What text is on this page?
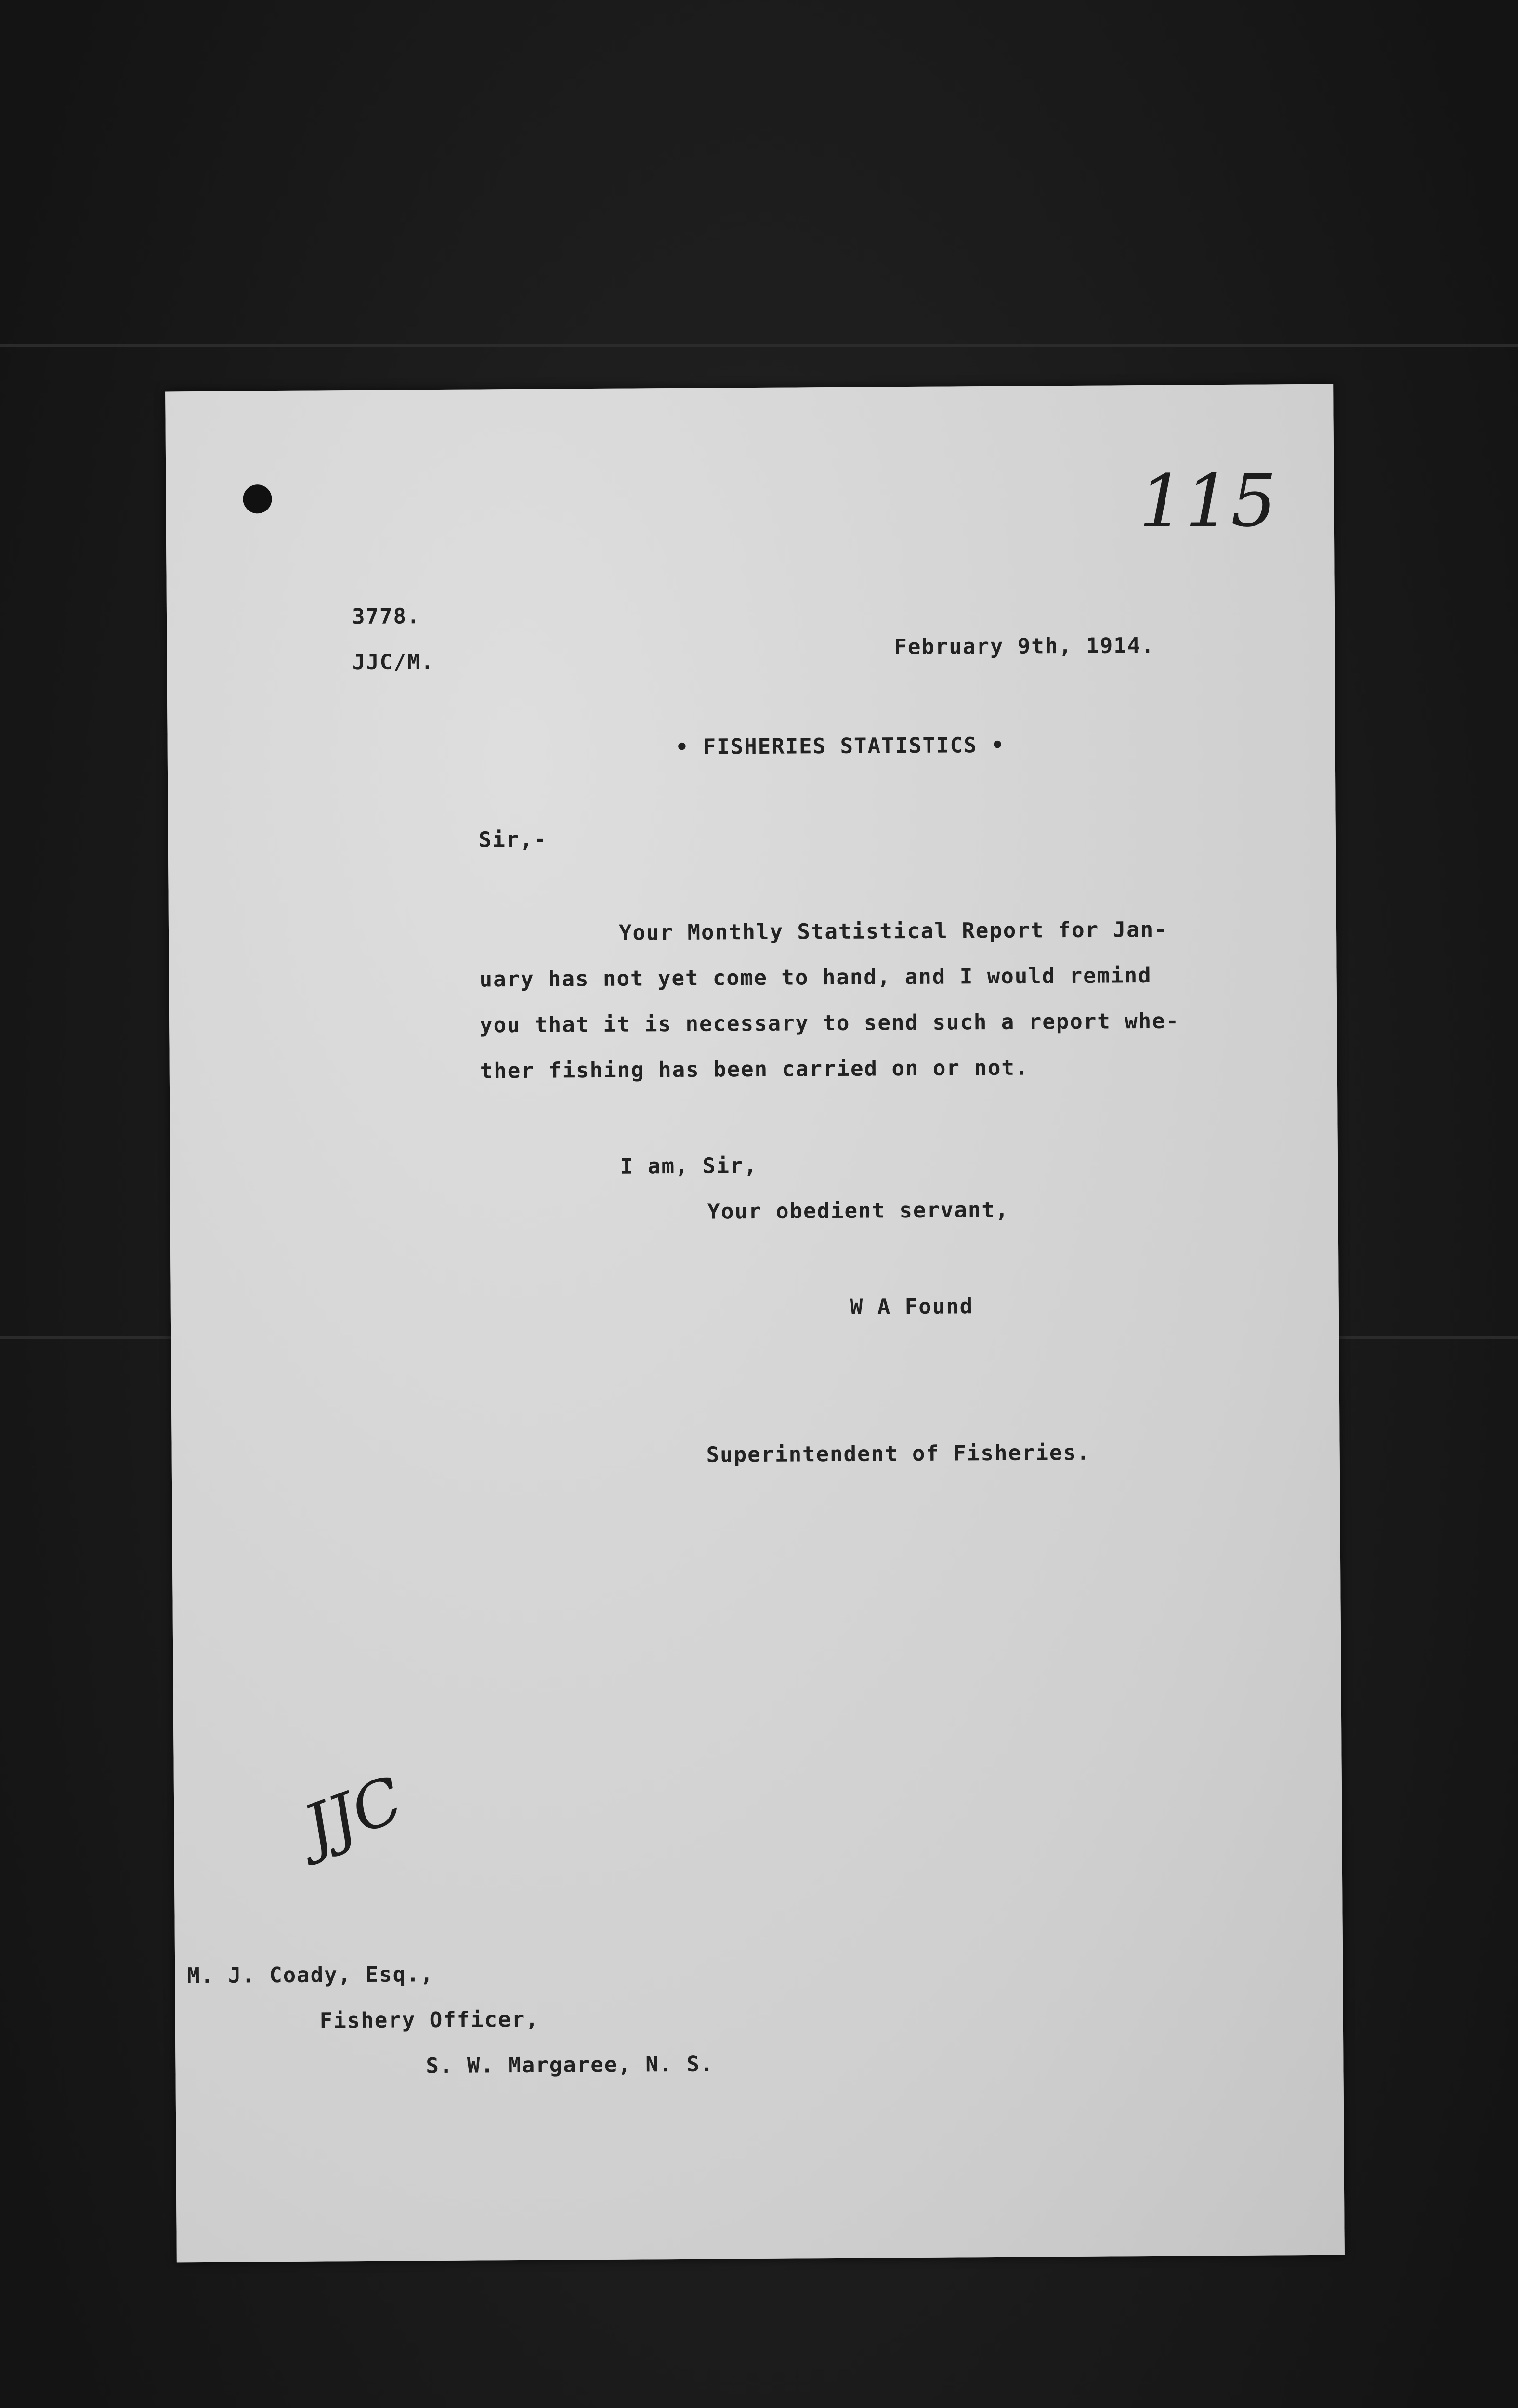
115
3778.
JJC/M.
February 9th, 1914.
• FISHERIES STATISTICS •
Sir,-
Your Monthly Statistical Report for Jan-
uary has not yet come to hand, and I would remind
you that it is necessary to send such a report whe-
ther fishing has been carried on or not.
I am, Sir,
Your obedient servant,
W A Found
Superintendent of Fisheries.
JJC
M. J. Coady, Esq.,
Fishery Officer,
S. W. Margaree, N. S.
